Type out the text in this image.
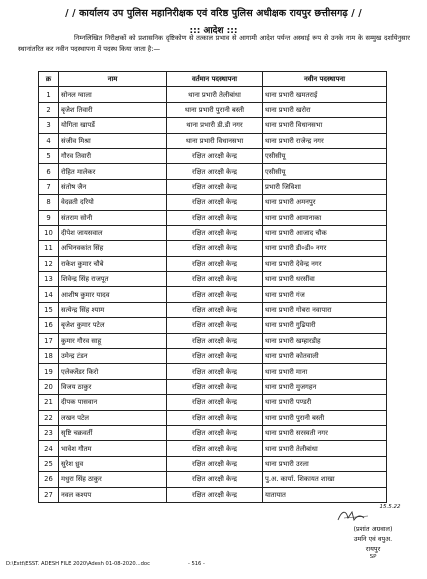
/ / कार्यालय उप पुलिस महानिरीक्षक एवं वरिष्ठ पुलिस अधीक्षक रायपुर छत्तीसगढ़ / /
::: आदेश :::
निम्नलिखित निरीक्षकों को प्रशासनिक दृष्टिकोण से तत्काल प्रभाव से आगामी आदेश पर्यन्त अस्थाई रूप से उनके नाम के सम्मुख दर्शायेनुसार स्थानांतरित कर नवीन पदस्थापना में पदस्थ किया जाता है:—
क्र	नाम	वर्तमान पदस्थापना	नवीन पदस्थापना
1	सोनल ग्वाला	थाना प्रभारी तेलीबांधा	थाना प्रभारी खमतराई
2	बृजेश तिवारी	थाना प्रभारी पुरानी बस्ती	थाना प्रभारी खरोरा
3	योगिता खापर्डे	थाना प्रभारी डी.डी नगर	थाना प्रभारी विधानसभा
4	संजीव मिश्रा	थाना प्रभारी विधानसभा	थाना प्रभारी राजेन्द्र नगर
5	गौरव तिवारी	रक्षित आरक्षी केन्द्र	एसीसीयू
6	रोहित मालेकर	रक्षित आरक्षी केन्द्र	एसीसीयू
7	संतोष जैन	रक्षित आरक्षी केन्द्र	प्रभारी जिविशा
8	वेदव्रती दरियो	रक्षित आरक्षी केन्द्र	थाना प्रभारी अमनपुर
9	संतराम सोनी	रक्षित आरक्षी केन्द्र	थाना प्रभारी आमानाका
10	दीपेश जायसवाल	रक्षित आरक्षी केन्द्र	थाना प्रभारी आजाद चौक
11	अभिनवकांत सिंह	रक्षित आरक्षी केन्द्र	थाना प्रभारी डी०डी० नगर
12	राकेश कुमार चौबे	रक्षित आरक्षी केन्द्र	थाना प्रभारी देवेन्द्र नगर
13	शिवेन्द्र सिंह राजपूत	रक्षित आरक्षी केन्द्र	थाना प्रभारी धरसींवा
14	आशीष कुमार यादव	रक्षित आरक्षी केन्द्र	थाना प्रभारी गंज
15	सत्येन्द्र सिंह श्याम	रक्षित आरक्षी केन्द्र	थाना प्रभारी गोबरा नवापारा
16	बृजेश कुमार पटेल	रक्षित आरक्षी केन्द्र	थाना प्रभारी गुढियारी
17	कुमार गौरव साहू	रक्षित आरक्षी केन्द्र	थाना प्रभारी खम्हारडीह
18	उमेन्द्र टंडन	रक्षित आरक्षी केन्द्र	थाना प्रभारी कोतवाली
19	एलेक्जेंडर किरो	रक्षित आरक्षी केन्द्र	थाना प्रभारी माना
20	विजय ठाकुर	रक्षित आरक्षी केन्द्र	थाना प्रभारी मुजगहन
21	दीपक पासवान	रक्षित आरक्षी केन्द्र	थाना प्रभारी पण्डरी
22	लखन पटेल	रक्षित आरक्षी केन्द्र	थाना प्रभारी पुरानी बस्ती
23	सृष्टि चक्रवर्ती	रक्षित आरक्षी केन्द्र	थाना प्रभारी सरस्वती नगर
24	भावेश गौतम	रक्षित आरक्षी केन्द्र	थाना प्रभारी तेलीबांधा
25	सुरेश ध्रुव	रक्षित आरक्षी केन्द्र	थाना प्रभारी उरला
26	मधुरा सिंह ठाकुर	रक्षित आरक्षी केन्द्र	पु.अ. कार्या. शिकायत शाखा
27	नवल कश्यप	रक्षित आरक्षी केन्द्र	यातायात
15.5.22
(प्रशांत अग्रवाल)
उमनि एवं वपुअ.
रायपुर
SP
D:\Estt\ESST. ADESH FILE 2020\Adesh 01-08-2020...doc	- 516 -
